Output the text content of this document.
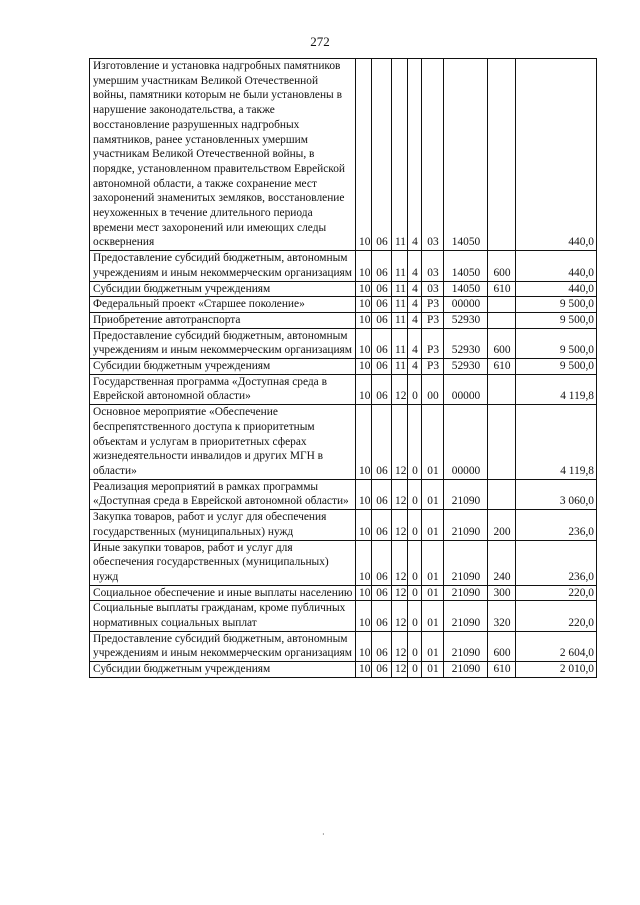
272
Изготовление и установка надгробных памятников умершим участникам Великой Отечественной войны, памятники которым не были установлены в нарушение законодательства, а также восстановление разрушенных надгробных памятников, ранее установленных умершим участникам Великой Отечественной войны, в порядке, установленном правительством Еврейской автономной области, а также сохранение мест захоронений знаменитых земляков, восстановление неухоженных в течение длительного периода времени мест захоронений или имеющих следы осквернения	10	06	11	4	03	14050		440,0
Предоставление субсидий бюджетным, автономным учреждениям и иным некоммерческим организациям	10	06	11	4	03	14050	600	440,0
Субсидии бюджетным учреждениям	10	06	11	4	03	14050	610	440,0
Федеральный проект «Старшее поколение»	10	06	11	4	P3	00000		9 500,0
Приобретение автотранспорта	10	06	11	4	P3	52930		9 500,0
Предоставление субсидий бюджетным, автономным учреждениям и иным некоммерческим организациям	10	06	11	4	P3	52930	600	9 500,0
Субсидии бюджетным учреждениям	10	06	11	4	P3	52930	610	9 500,0
Государственная программа «Доступная среда в Еврейской автономной области»	10	06	12	0	00	00000		4 119,8
Основное мероприятие «Обеспечение беспрепятственного доступа к приоритетным объектам и услугам в приоритетных сферах жизнедеятельности инвалидов и других МГН в области»	10	06	12	0	01	00000		4 119,8
Реализация мероприятий в рамках программы «Доступная среда в Еврейской автономной области»	10	06	12	0	01	21090		3 060,0
Закупка товаров, работ и услуг для обеспечения государственных (муниципальных) нужд	10	06	12	0	01	21090	200	236,0
Иные закупки товаров, работ и услуг для обеспечения государственных (муниципальных) нужд	10	06	12	0	01	21090	240	236,0
Социальное обеспечение и иные выплаты населению	10	06	12	0	01	21090	300	220,0
Социальные выплаты гражданам, кроме публичных нормативных социальных выплат	10	06	12	0	01	21090	320	220,0
Предоставление субсидий бюджетным, автономным учреждениям и иным некоммерческим организациям	10	06	12	0	01	21090	600	2 604,0
Субсидии бюджетным учреждениям	10	06	12	0	01	21090	610	2 010,0
·
